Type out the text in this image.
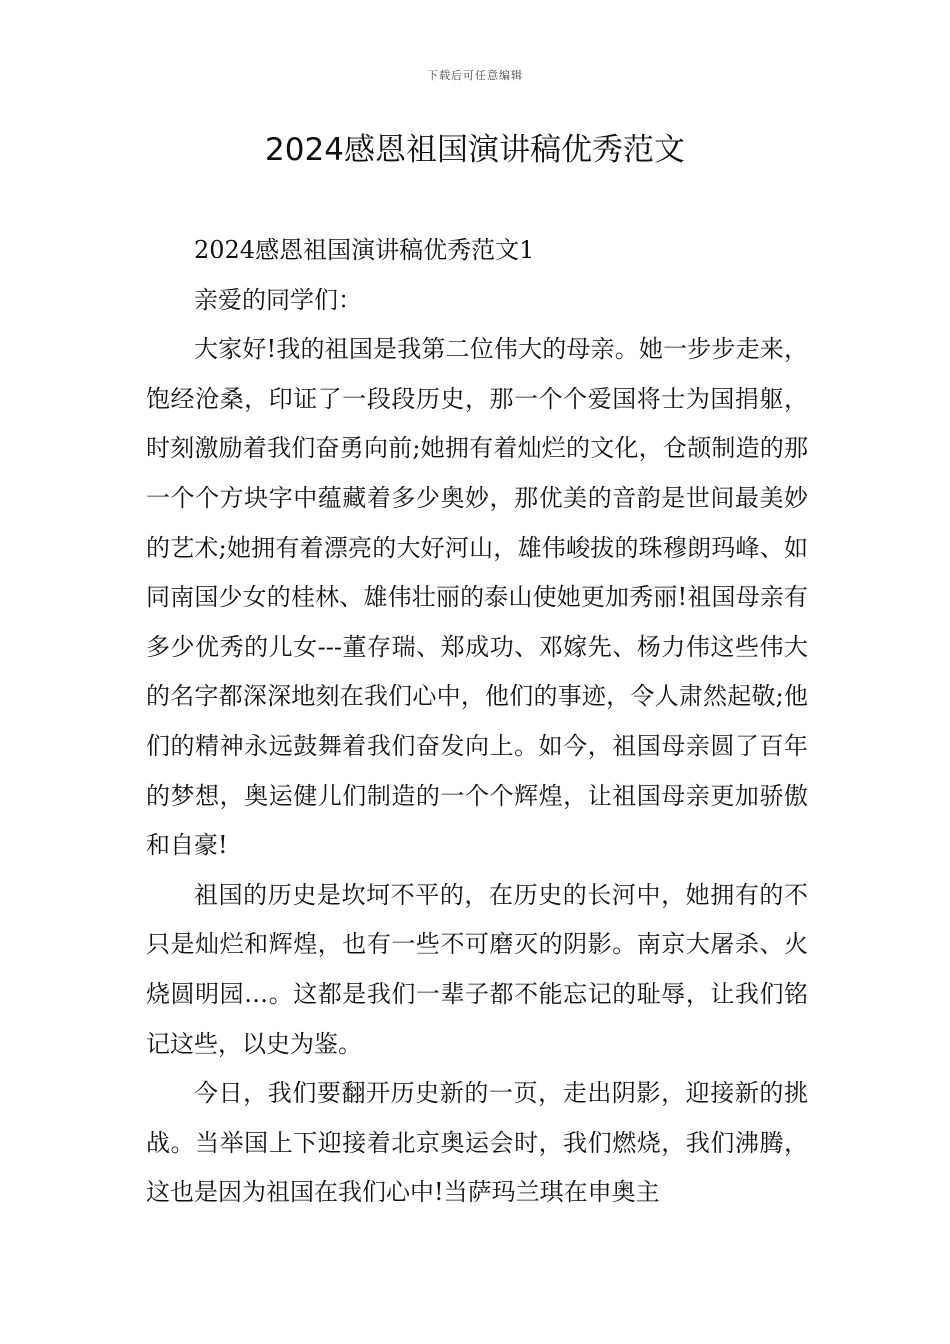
下载后可任意编辑
2024感恩祖国演讲稿优秀范文

2024感恩祖国演讲稿优秀范文1

亲爱的同学们：

大家好!我的祖国是我第二位伟大的母亲。她一步步走来，饱经沧桑，印证了一段段历史，那一个个爱国将士为国捐躯，时刻激励着我们奋勇向前;她拥有着灿烂的文化，仓颉制造的那一个个方块字中蕴藏着多少奥妙，那优美的音韵是世间最美妙的艺术;她拥有着漂亮的大好河山，雄伟峻拔的珠穆朗玛峰、如同南国少女的桂林、雄伟壮丽的泰山使她更加秀丽!祖国母亲有多少优秀的儿女---董存瑞、郑成功、邓嫁先、杨力伟这些伟大的名字都深深地刻在我们心中，他们的事迹，令人肃然起敬;他们的精神永远鼓舞着我们奋发向上。如今，祖国母亲圆了百年的梦想，奥运健儿们制造的一个个辉煌，让祖国母亲更加骄傲和自豪!

祖国的历史是坎坷不平的，在历史的长河中，她拥有的不只是灿烂和辉煌，也有一些不可磨灭的阴影。南京大屠杀、火烧圆明园…。这都是我们一辈子都不能忘记的耻辱，让我们铭记这些，以史为鉴。

今日，我们要翻开历史新的一页，走出阴影，迎接新的挑战。当举国上下迎接着北京奥运会时，我们燃烧，我们沸腾，这也是因为祖国在我们心中!当萨玛兰琪在申奥主
